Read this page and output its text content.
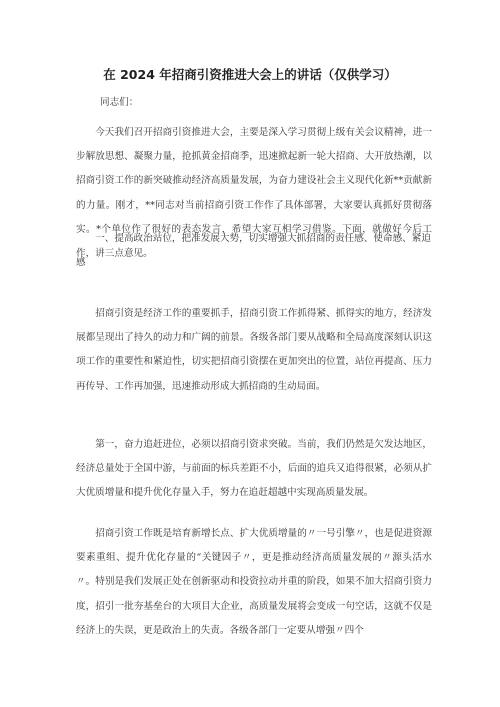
在 2024 年招商引资推进大会上的讲话（仅供学习）
同志们：

今天我们召开招商引资推进大会，主要是深入学习贯彻上级有关会议精神，进一步解放思想、凝聚力量，抢抓黄金招商季，迅速掀起新一轮大招商、大开放热潮，以招商引资工作的新突破推动经济高质量发展，为奋力建设社会主义现代化新**贡献新的力量。刚才，**同志对当前招商引资工作作了具体部署，大家要认真抓好贯彻落实。*个单位作了很好的表态发言，希望大家互相学习借鉴。下面，就做好今后工作，讲三点意见。

一、提高政治站位，把准发展大势，切实增强大抓招商的责任感、使命感、紧迫感

招商引资是经济工作的重要抓手，招商引资工作抓得紧、抓得实的地方，经济发展都呈现出了持久的动力和广阔的前景。各级各部门要从战略和全局高度深刻认识这项工作的重要性和紧迫性，切实把招商引资摆在更加突出的位置，站位再提高、压力再传导、工作再加强，迅速推动形成大抓招商的生动局面。

第一，奋力追赶进位，必须以招商引资求突破。当前，我们仍然是欠发达地区，经济总量处于全国中游，与前面的标兵差距不小，后面的追兵又追得很紧，必须从扩大优质增量和提升优化存量入手，努力在追赶超越中实现高质量发展。

招商引资工作既是培育新增长点、扩大优质增量的〃一号引擎〃，也是促进资源要素重组、提升优化存量的“关键因子〃，更是推动经济高质量发展的〃源头活水〃。特别是我们发展正处在创新驱动和投资拉动并重的阶段，如果不加大招商引资力度，招引一批夯基垒台的大项目大企业，高质量发展将会变成一句空话，这就不仅是经济上的失误，更是政治上的失责。各级各部门一定要从增强〃四个
